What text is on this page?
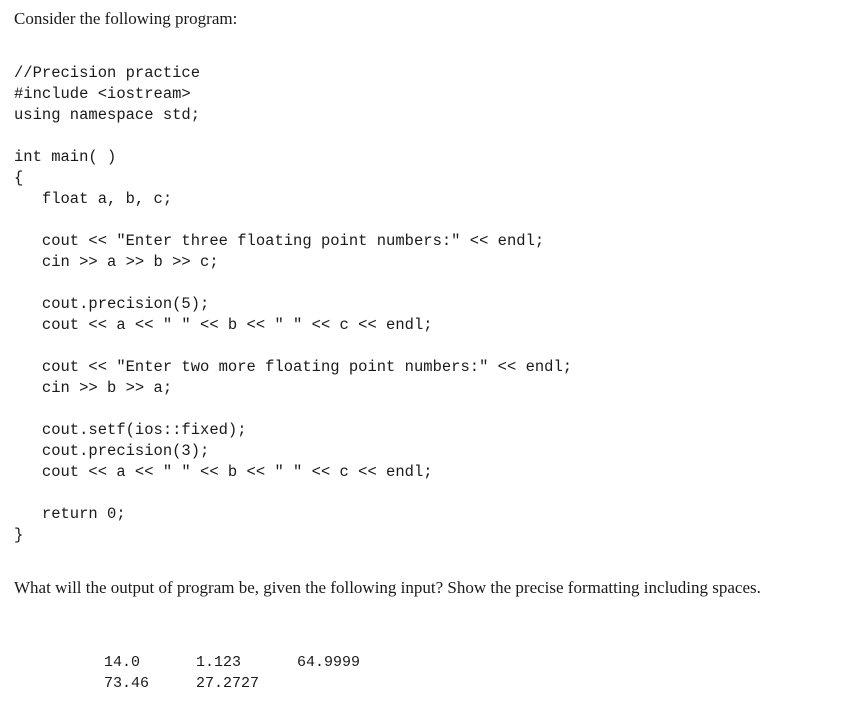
Consider the following program:
//Precision practice
#include <iostream>
using namespace std;
int main( )
{
float a, b, c;
cout << "Enter three floating point numbers:" << endl;
cin >> a >> b >> c;
cout.precision(5);
cout << a << " " << b << " " << c << endl;
cout << "Enter two more floating point numbers:" << endl;
cin >> b >> a;
cout.setf(ios::fixed);
cout.precision(3);
cout << a << " " << b << " " << c << endl;
return 0;
}
What will the output of program be, given the following input? Show the precise formatting including spaces.
14.0	1.123	64.9999
73.46	27.2727
